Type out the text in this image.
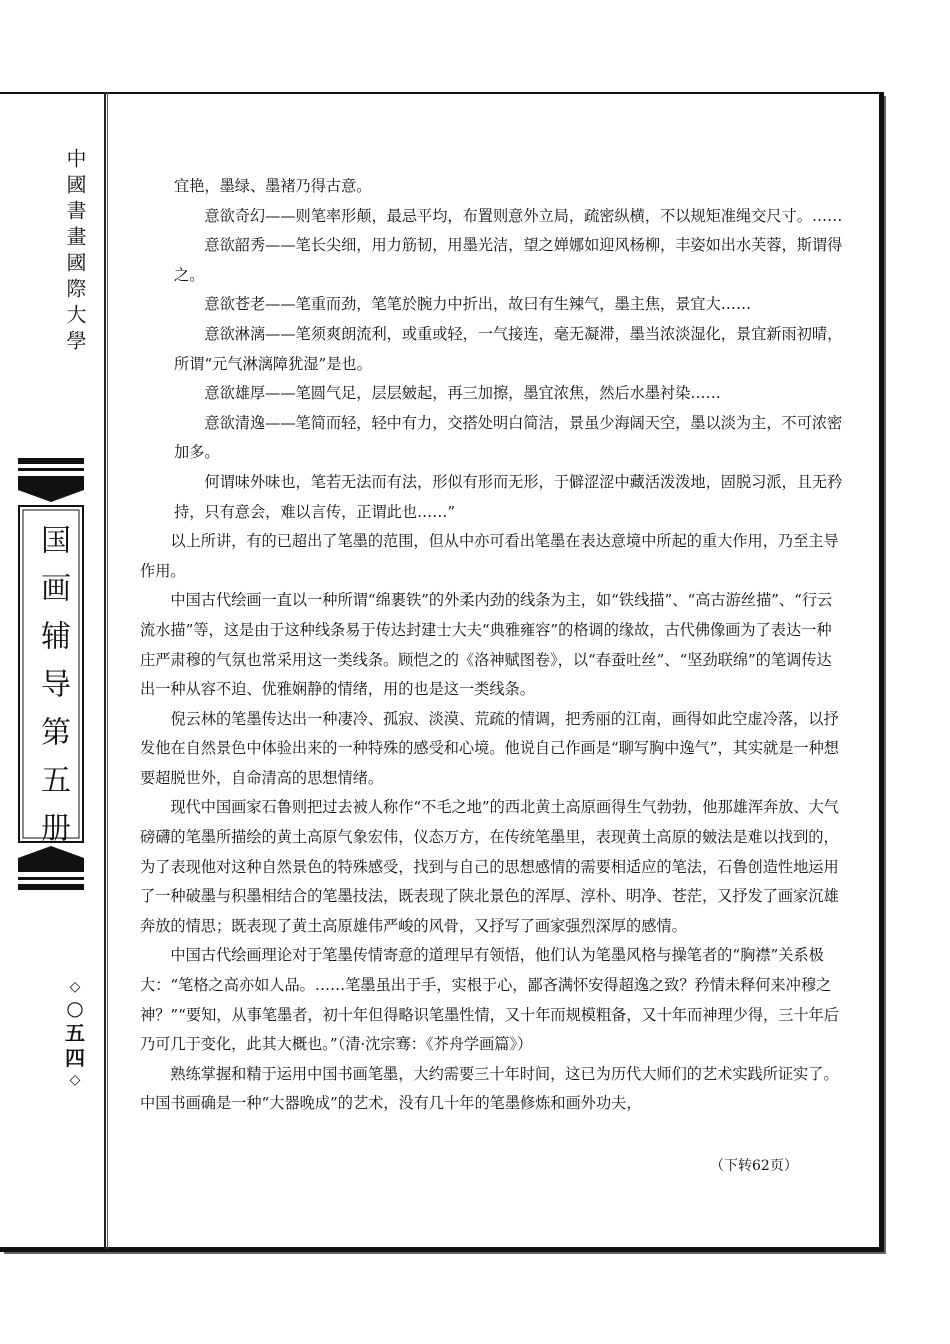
中國書畫國際大學
国画辅导第五册
◇
○
五
四
◇

宜艳，墨绿、墨褚乃得古意。

意欲奇幻——则笔率形颠，最忌平均，布置则意外立局，疏密纵横，不以规矩准绳交尺寸。……

意欲韶秀——笔长尖细，用力筋韧，用墨光洁，望之婵娜如迎风杨柳，丰姿如出水芙蓉，斯谓得之。

意欲苍老——笔重而劲，笔笔於腕力中折出，故曰有生辣气，墨主焦，景宜大……

意欲淋漓——笔须爽朗流利，或重或轻，一气接连，毫无凝滞，墨当浓淡湿化，景宜新雨初晴，所谓“元气淋漓障犹湿”是也。

意欲雄厚——笔圆气足，层层皴起，再三加擦，墨宜浓焦，然后水墨衬染……

意欲清逸——笔简而轻，轻中有力，交搭处明白简洁，景虽少海阔天空，墨以淡为主，不可浓密加多。

何谓味外味也，笔若无法而有法，形似有形而无形，于僻涩涩中藏活泼泼地，固脱习派，且无矜持，只有意会，难以言传，正谓此也……”

以上所讲，有的已超出了笔墨的范围，但从中亦可看出笔墨在表达意境中所起的重大作用，乃至主导作用。

中国古代绘画一直以一种所谓“绵裹铁”的外柔内劲的线条为主，如“铁线描”、“高古游丝描”、“行云流水描”等，这是由于这种线条易于传达封建士大夫“典雅雍容”的格调的缘故，古代佛像画为了表达一种庄严肃穆的气氛也常采用这一类线条。顾恺之的《洛神赋图卷》，以“春蚕吐丝”、“坚劲联绵”的笔调传达出一种从容不迫、优雅娴静的情绪，用的也是这一类线条。

倪云林的笔墨传达出一种凄冷、孤寂、淡漠、荒疏的情调，把秀丽的江南，画得如此空虚冷落，以抒发他在自然景色中体验出来的一种特殊的感受和心境。他说自己作画是“聊写胸中逸气”，其实就是一种想要超脱世外，自命清高的思想情绪。

现代中国画家石鲁则把过去被人称作“不毛之地”的西北黄土高原画得生气勃勃，他那雄浑奔放、大气磅礴的笔墨所描绘的黄土高原气象宏伟，仪态万方，在传统笔墨里，表现黄土高原的皴法是难以找到的，为了表现他对这种自然景色的特殊感受，找到与自己的思想感情的需要相适应的笔法，石鲁创造性地运用了一种破墨与积墨相结合的笔墨技法，既表现了陕北景色的浑厚、淳朴、明净、苍茫，又抒发了画家沉雄奔放的情思；既表现了黄土高原雄伟严峻的风骨，又抒写了画家强烈深厚的感情。

中国古代绘画理论对于笔墨传情寄意的道理早有领悟，他们认为笔墨风格与操笔者的“胸襟”关系极大：“笔格之高亦如人品。……笔墨虽出于手，实根于心，鄙吝满怀安得超逸之致？矜情未释何来冲穆之神？”“要知，从事笔墨者，初十年但得略识笔墨性情，又十年而规模粗备，又十年而神理少得，三十年后乃可几于变化，此其大概也。”（清·沈宗骞：《芥舟学画篇》）

熟练掌握和精于运用中国书画笔墨，大约需要三十年时间，这已为历代大师们的艺术实践所证实了。中国书画确是一种“大器晚成”的艺术，没有几十年的笔墨修炼和画外功夫，

（下转62页）
